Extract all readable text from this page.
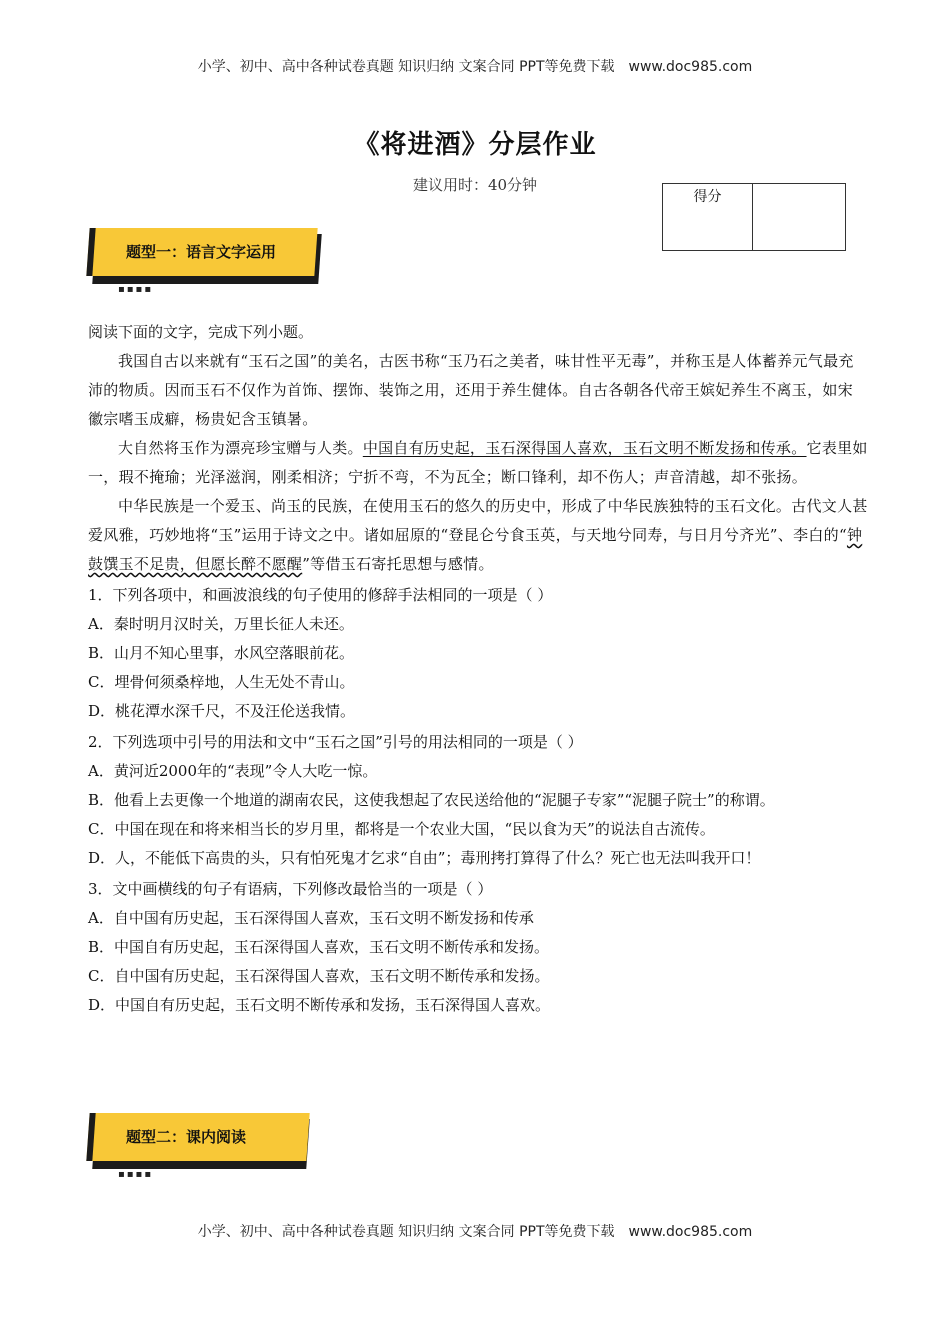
小学、初中、高中各种试卷真题 知识归纳 文案合同 PPT等免费下载 www.doc985.com
《将进酒》分层作业
建议用时：40分钟
得分
题型一：语言文字运用
▪▪▪▪

阅读下面的文字，完成下列小题。

我国自古以来就有“玉石之国”的美名，古医书称“玉乃石之美者，味甘性平无毒”，并称玉是人体蓄养元气最充沛的物质。因而玉石不仅作为首饰、摆饰、装饰之用，还用于养生健体。自古各朝各代帝王嫔妃养生不离玉，如宋徽宗嗜玉成癖，杨贵妃含玉镇暑。

大自然将玉作为漂亮珍宝赠与人类。中国自有历史起，玉石深得国人喜欢，玉石文明不断发扬和传承。它表里如一，瑕不掩瑜；光泽滋润，刚柔相济；宁折不弯，不为瓦全；断口锋利，却不伤人；声音清越，却不张扬。

中华民族是一个爱玉、尚玉的民族，在使用玉石的悠久的历史中，形成了中华民族独特的玉石文化。古代文人甚爱风雅，巧妙地将“玉”运用于诗文之中。诸如屈原的“登昆仑兮食玉英，与天地兮同寿，与日月兮齐光”、李白的“钟鼓馔玉不足贵，但愿长醉不愿醒”等借玉石寄托思想与感情。

1．下列各项中，和画波浪线的句子使用的修辞手法相同的一项是（ ）

A．秦时明月汉时关，万里长征人未还。

B．山月不知心里事，水风空落眼前花。

C．埋骨何须桑梓地，人生无处不青山。

D．桃花潭水深千尺，不及汪伦送我情。

2．下列选项中引号的用法和文中“玉石之国”引号的用法相同的一项是（ ）

A．黄河近2000年的“表现”令人大吃一惊。

B．他看上去更像一个地道的湖南农民，这使我想起了农民送给他的“泥腿子专家”“泥腿子院士”的称谓。

C．中国在现在和将来相当长的岁月里，都将是一个农业大国，“民以食为天”的说法自古流传。

D．人，不能低下高贵的头，只有怕死鬼才乞求“自由”；毒刑拷打算得了什么？死亡也无法叫我开口！

3．文中画横线的句子有语病，下列修改最恰当的一项是（ ）

A．自中国有历史起，玉石深得国人喜欢，玉石文明不断发扬和传承

B．中国自有历史起，玉石深得国人喜欢，玉石文明不断传承和发扬。

C．自中国有历史起，玉石深得国人喜欢，玉石文明不断传承和发扬。

D．中国自有历史起，玉石文明不断传承和发扬，玉石深得国人喜欢。

题型二：课内阅读
▪▪▪▪
小学、初中、高中各种试卷真题 知识归纳 文案合同 PPT等免费下载 www.doc985.com
